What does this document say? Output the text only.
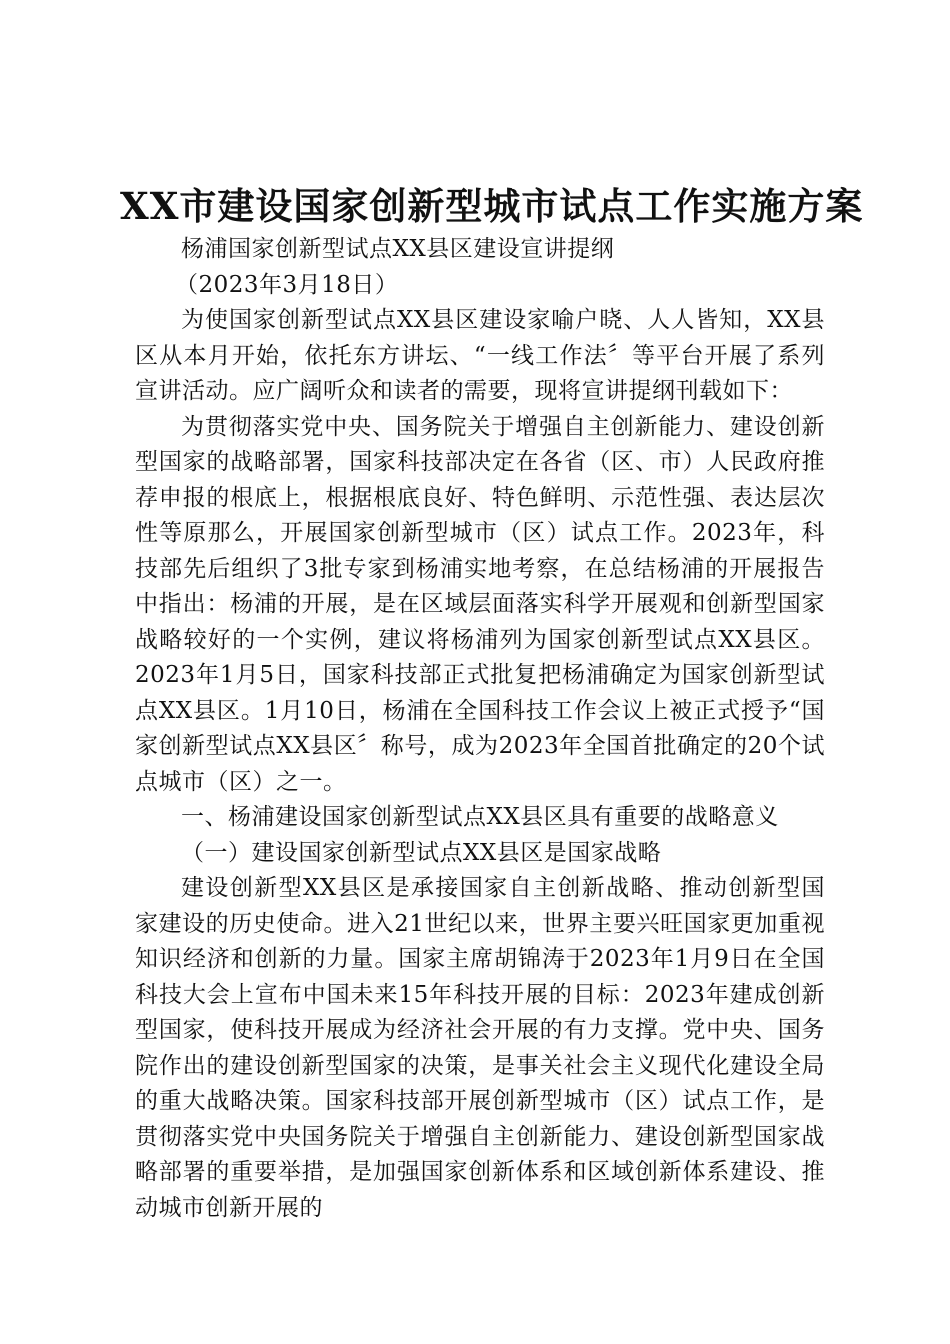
XX市建设国家创新型城市试点工作实施方案

杨浦国家创新型试点XX县区建设宣讲提纲

（2023年3月18日）

为使国家创新型试点XX县区建设家喻户晓、人人皆知，XX县区从本月开始，依托东方讲坛、“一线工作法〞等平台开展了系列宣讲活动。应广阔听众和读者的需要，现将宣讲提纲刊载如下：

为贯彻落实党中央、国务院关于增强自主创新能力、建设创新型国家的战略部署，国家科技部决定在各省（区、市）人民政府推荐申报的根底上，根据根底良好、特色鲜明、示范性强、表达层次性等原那么，开展国家创新型城市（区）试点工作。2023年，科技部先后组织了3批专家到杨浦实地考察，在总结杨浦的开展报告中指出：杨浦的开展，是在区域层面落实科学开展观和创新型国家战略较好的一个实例，建议将杨浦列为国家创新型试点XX县区。2023年1月5日，国家科技部正式批复把杨浦确定为国家创新型试点XX县区。1月10日，杨浦在全国科技工作会议上被正式授予“国家创新型试点XX县区〞称号，成为2023年全国首批确定的20个试点城市（区）之一。

一、杨浦建设国家创新型试点XX县区具有重要的战略意义

（一）建设国家创新型试点XX县区是国家战略

建设创新型XX县区是承接国家自主创新战略、推动创新型国家建设的历史使命。进入21世纪以来，世界主要兴旺国家更加重视知识经济和创新的力量。国家主席胡锦涛于2023年1月9日在全国科技大会上宣布中国未来15年科技开展的目标：2023年建成创新型国家，使科技开展成为经济社会开展的有力支撑。党中央、国务院作出的建设创新型国家的决策，是事关社会主义现代化建设全局的重大战略决策。国家科技部开展创新型城市（区）试点工作，是贯彻落实党中央国务院关于增强自主创新能力、建设创新型国家战略部署的重要举措，是加强国家创新体系和区域创新体系建设、推动城市创新开展的
